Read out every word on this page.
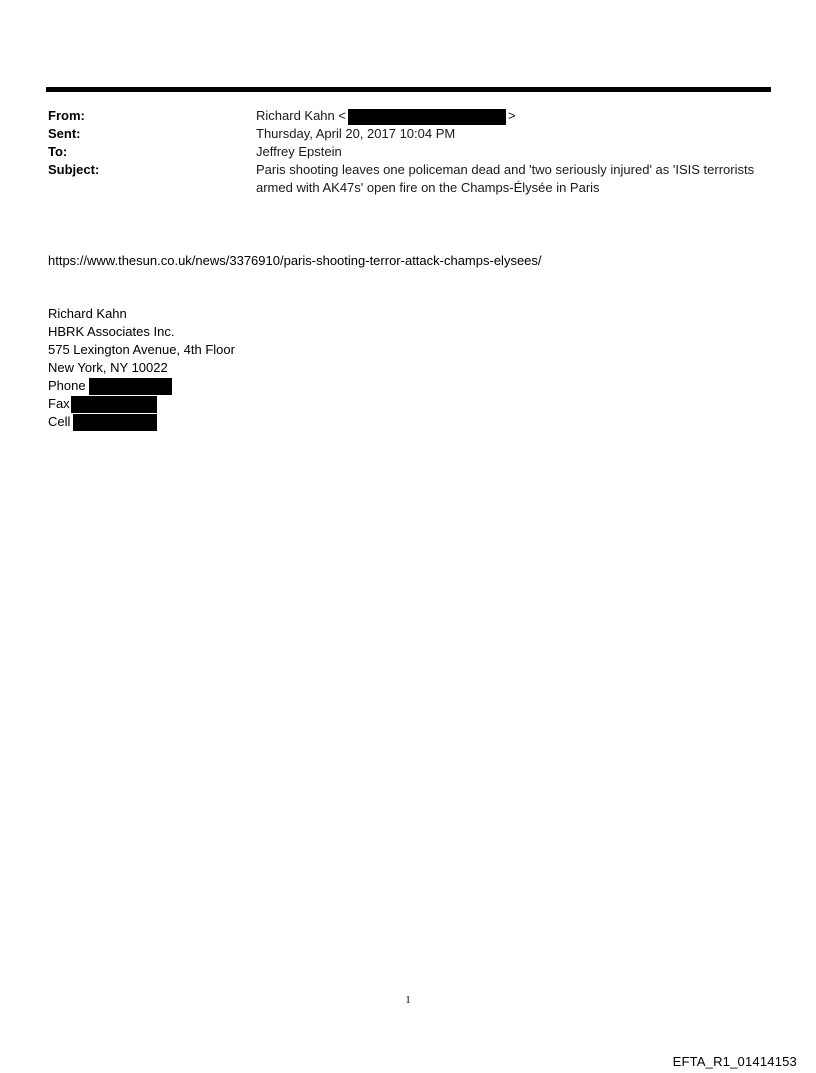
From:	Richard Kahn <	>
Sent:	Thursday, April 20, 2017 10:04 PM
To:	Jeffrey Epstein
Subject:	Paris shooting leaves one policeman dead and 'two seriously injured' as 'ISIS terrorists
armed with AK47s' open fire on the Champs-Élysée in Paris
https://www.thesun.co.uk/news/3376910/paris-shooting-terror-attack-champs-elysees/
Richard Kahn
HBRK Associates Inc.
575 Lexington Avenue, 4th Floor
New York, NY 10022
Phone
Fax
Cell
1
EFTA_R1_01414153
